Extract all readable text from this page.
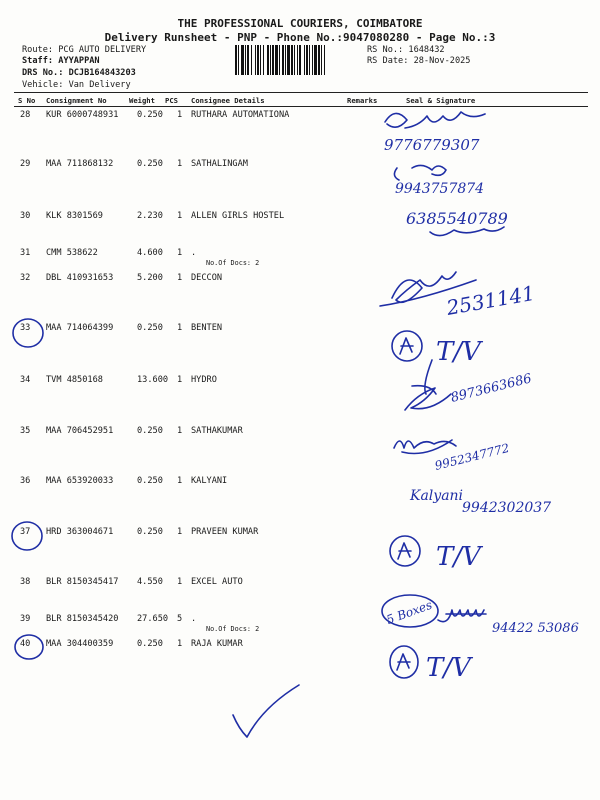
THE PROFESSIONAL COURIERS, COIMBATORE
Delivery Runsheet - PNP - Phone No.:9047080280 - Page No.:3
Route: PCG AUTO DELIVERY
Staff: AYYAPPAN
DRS No.: DCJB164843203
Vehicle: Van Delivery
RS No.: 1648432
RS Date: 28-Nov-2025
S No Consignment No	Weight PCS Consignee Details	Remarks	Seal & Signature
28 KUR 6000748931 0.250 1 RUTHARA AUTOMATIONA
29 MAA 711868132	0.250 1 SATHALINGAM
30 KLK 8301569	2.230 1 ALLEN GIRLS HOSTEL
31 CMM 538622	4.600 1 .
No.Of Docs: 2
32 DBL 410931653	5.200 1 DECCON
33 MAA 714064399	0.250 1 BENTEN
34 TVM 4850168	13.600 1 HYDRO
35 MAA 706452951	0.250 1 SATHAKUMAR
36 MAA 653920033	0.250 1 KALYANI
37 HRD 363004671	0.250 1 PRAVEEN KUMAR
38 BLR 8150345417 4.550 1 EXCEL AUTO
39 BLR 8150345420 27.650 5 .
No.Of Docs: 2
40 MAA 304400359	0.250 1 RAJA KUMAR
9776779307
9943757874
6385540789
2531141
T/V
8973663686
9952347772
Kalyani
9942302037
T/V
5 Boxes
94422 53086
T/V
